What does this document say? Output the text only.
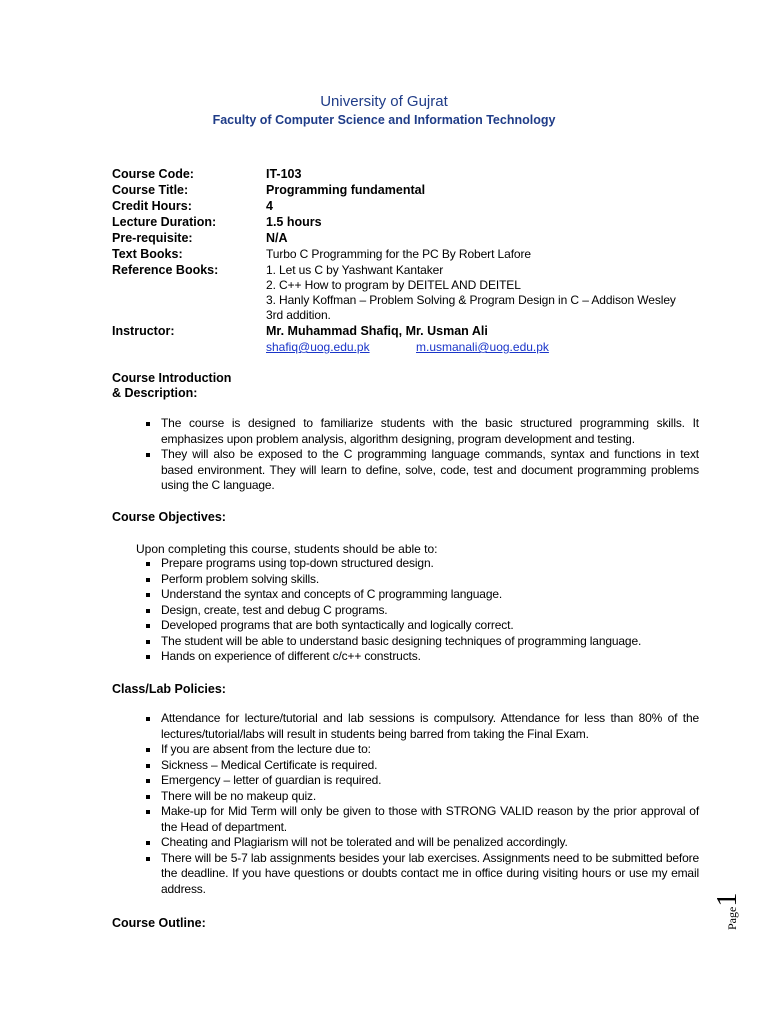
University of Gujrat
Faculty of Computer Science and Information Technology
Course Code:	IT-103
Course Title:	Programming fundamental
Credit Hours:	4
Lecture Duration:	1.5 hours
Pre-requisite:	N/A
Text Books:	Turbo C Programming for the PC By Robert Lafore
Reference Books:	1. Let us C by Yashwant Kantaker
2. C++ How to program by DEITEL AND DEITEL
3. Hanly Koffman – Problem Solving & Program Design in C – Addison Wesley
3rd addition.
Instructor:	Mr. Muhammad Shafiq, Mr. Usman Ali
shafiq@uog.edu.pk	m.usmanali@uog.edu.pk
Course Introduction
& Description:
The course is designed to familiarize students with the basic structured programming skills. It emphasizes upon problem analysis, algorithm designing, program development and testing.
They will also be exposed to the C programming language commands, syntax and functions in text based environment. They will learn to define, solve, code, test and document programming problems using the C language.
Course Objectives:
Upon completing this course, students should be able to:
Prepare programs using top-down structured design.
Perform problem solving skills.
Understand the syntax and concepts of C programming language.
Design, create, test and debug C programs.
Developed programs that are both syntactically and logically correct.
The student will be able to understand basic designing techniques of programming language.
Hands on experience of different c/c++ constructs.
Class/Lab Policies:
Attendance for lecture/tutorial and lab sessions is compulsory. Attendance for less than 80% of the lectures/tutorial/labs will result in students being barred from taking the Final Exam.
If you are absent from the lecture due to:
Sickness – Medical Certificate is required.
Emergency – letter of guardian is required.
There will be no makeup quiz.
Make-up for Mid Term will only be given to those with STRONG VALID reason by the prior approval of the Head of department.
Cheating and Plagiarism will not be tolerated and will be penalized accordingly.
There will be 5-7 lab assignments besides your lab exercises. Assignments need to be submitted before the deadline. If you have questions or doubts contact me in office during visiting hours or use my email address.
Course Outline:	Page1
